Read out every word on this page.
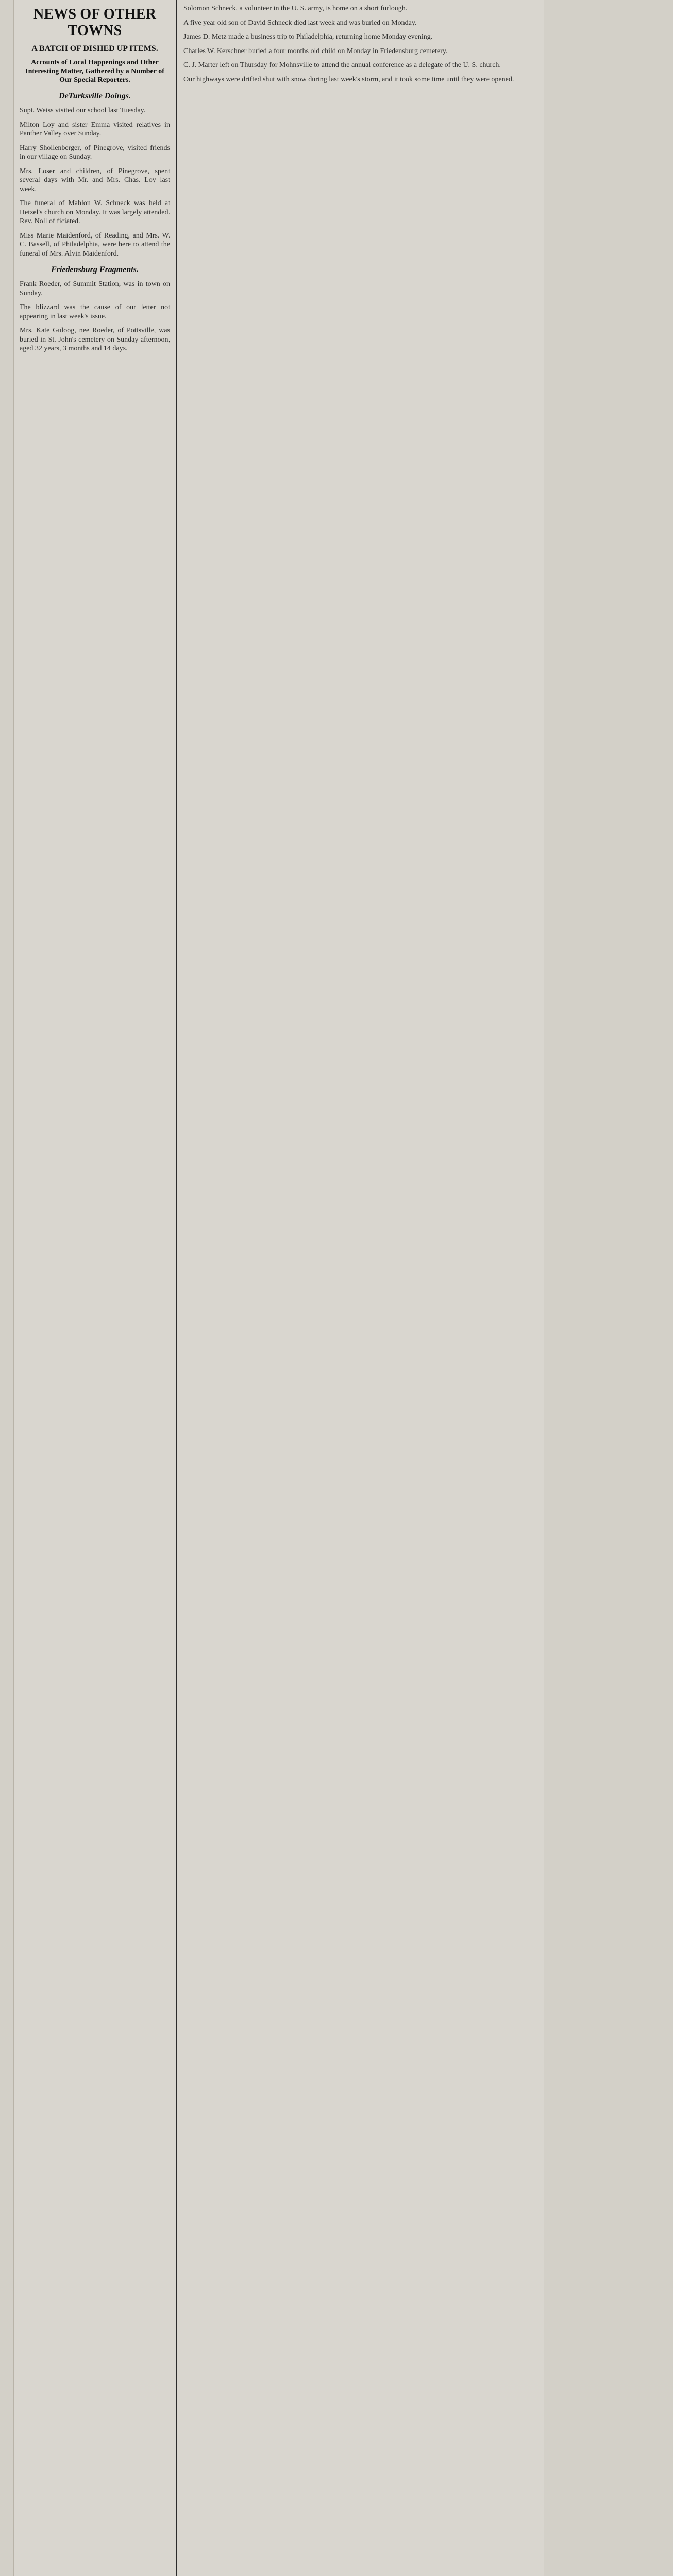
NEWS OF OTHER TOWNS
A BATCH OF DISHED UP ITEMS.
Accounts of Local Happenings and Other Interesting Matter, Gathered by a Number of Our Special Reporters.
DeTurksville Doings.

Supt. Weiss visited our school last Tuesday.

Milton Loy and sister Emma visited relatives in Panther Valley over Sunday.

Harry Shollenberger, of Pinegrove, visited friends in our village on Sunday.

Mrs. Loser and children, of Pinegrove, spent several days with Mr. and Mrs. Chas. Loy last week.

The funeral of Mahlon W. Schneck was held at Hetzel's church on Monday. It was largely attended. Rev. Noll of ficiated.

Miss Marie Maidenford, of Reading, and Mrs. W. C. Bassell, of Philadelphia, were here to attend the funeral of Mrs. Alvin Maidenford.

Friedensburg Fragments.

Frank Roeder, of Summit Station, was in town on Sunday.

The blizzard was the cause of our letter not appearing in last week's issue.

Mrs. Kate Guloog, nee Roeder, of Pottsville, was buried in St. John's cemetery on Sunday afternoon, aged 32 years, 3 months and 14 days.

Solomon Schneck, a volunteer in the U. S. army, is home on a short furlough.

A five year old son of David Schneck died last week and was buried on Monday.

James D. Metz made a business trip to Philadelphia, returning home Monday evening.

Charles W. Kerschner buried a four months old child on Monday in Friedensburg cemetery.

C. J. Marter left on Thursday for Mohnsville to attend the annual conference as a delegate of the U. S. church.

Our highways were drifted shut with snow during last week's storm, and it took some time until they were opened.
